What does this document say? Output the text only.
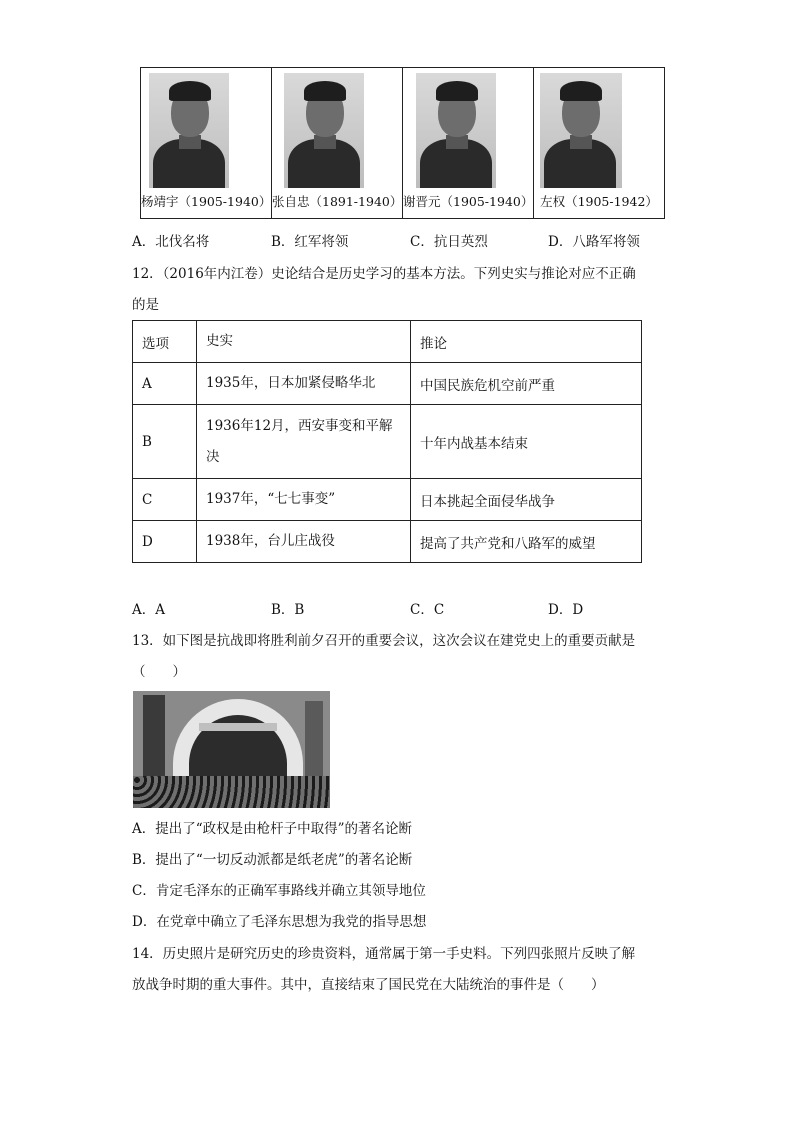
杨靖宇（1905-1940） 张自忠（1891-1940） 谢晋元（1905-1940） 左权（1905-1942）
A．北伐名将	B．红军将领	C．抗日英烈	D．八路军将领
12．（2016年内江卷）史论结合是历史学习的基本方法。下列史实与推论对应不正确
的是
选项	史实	推论
A	1935年，日本加紧侵略华北	中国民族危机空前严重
B	1936年12月，西安事变和平解
决	十年内战基本结束
C	1937年，“七七事变”	日本挑起全面侵华战争
D	1938年，台儿庄战役	提高了共产党和八路军的威望
A．A	B．B	C．C	D．D
13．如下图是抗战即将胜利前夕召开的重要会议，这次会议在建党史上的重要贡献是
（　　）
A．提出了“政权是由枪杆子中取得”的著名论断
B．提出了“一切反动派都是纸老虎”的著名论断
C．肯定毛泽东的正确军事路线并确立其领导地位
D．在党章中确立了毛泽东思想为我党的指导思想
14．历史照片是研究历史的珍贵资料，通常属于第一手史料。下列四张照片反映了解
放战争时期的重大事件。其中，直接结束了国民党在大陆统治的事件是（　　）
